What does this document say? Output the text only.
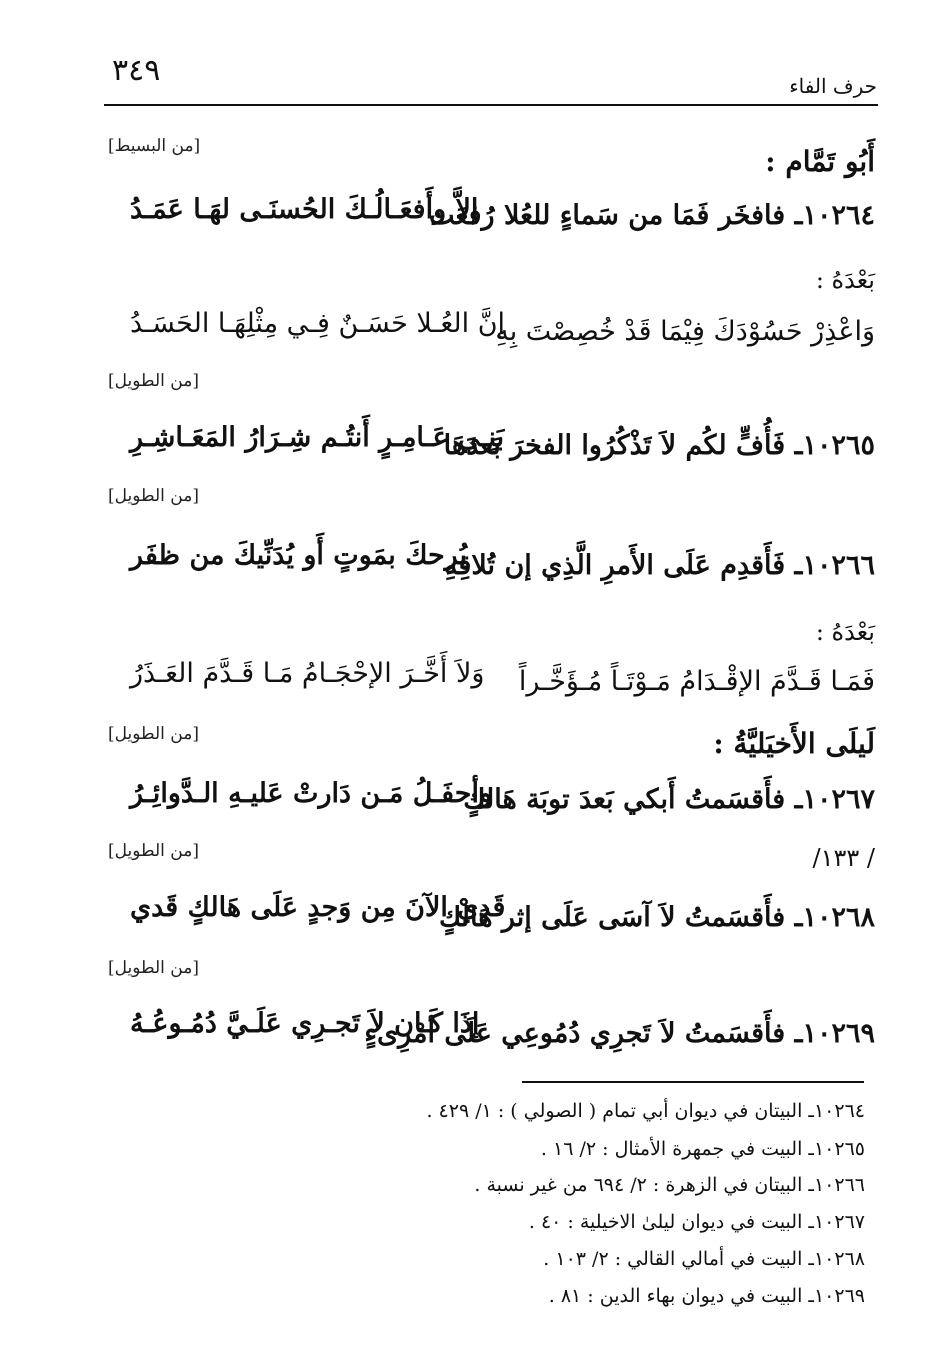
٣٤٩	حرف الفاء
[من البسيط]	أَبُو تَمَّام :
١٠٢٦٤ـ فافخَر فَمَا من سَماءٍ للعُلا رُفعَت
إلاَّ وأَفعَـالُـكَ الحُسنَـى لهَـا عَمَـدُ
بَعْدَهُ :
وَاعْذِرْ حَسُوْدَكَ فِيْمَا قَدْ خُصِصْتَ بِهِ
إنَّ العُـلا حَسَـنٌ فِـي مِثْلِهَـا الحَسَـدُ
[من الطويل]
١٠٢٦٥ـ فَأُفٍّ لكُم لاَ تَذْكُرُوا الفخرَ بَعدَهَا
بَنِـي عَـامِـرٍ أَنتُـم شِـرَارُ المَعَـاشِـرِ
[من الطويل]
١٠٢٦٦ـ فَأَقدِم عَلَى الأَمرِ الَّذِي إن تُلاقِهِ
يُرِحكَ بمَوتٍ أَو يُدَنِّيكَ من ظفَر
بَعْدَهُ :
فَمَـا قَـدَّمَ الإقْـدَامُ مَـوْتَـاً مُـؤَخَّـراً
وَلاَ أَخَّـرَ الإحْجَـامُ مَـا قَـدَّمَ العَـذَرُ
[من الطويل]	لَيلَى الأَخيَليَّةُ :
١٠٢٦٧ـ فأَقسَمتُ أَبكي بَعدَ توبَة هَالكٍ
وأحفَـلُ مَـن دَارتْ عَليـهِ الـدَّوائِـرُ
[من الطويل]	/ ١٣٣/
١٠٢٦٨ـ فأَقسَمتُ لاَ آسَى عَلَى إثر هَالكٍ
قَدِيْ الآنَ مِن وَجدٍ عَلَى هَالكٍ قَدي
[من الطويل]
١٠٢٦٩ـ فأَقسَمتُ لاَ تَجرِي دُمُوعِي عَلَى أمْرِىءٍ
إذَا كَـان لاَ تَجـرِي عَلَـيَّ دُمُـوعُـهُ
١٠٢٦٤ـ البيتان في ديوان أبي تمام ( الصولي ) : ١/ ٤٢٩ .
١٠٢٦٥ـ البيت في جمهرة الأمثال : ٢/ ١٦ .
١٠٢٦٦ـ البيتان في الزهرة : ٢/ ٦٩٤ من غير نسبة .
١٠٢٦٧ـ البيت في ديوان ليلىٰ الاخيلية : ٤٠ .
١٠٢٦٨ـ البيت في أمالي القالي : ٢/ ١٠٣ .
١٠٢٦٩ـ البيت في ديوان بهاء الدين : ٨١ .
